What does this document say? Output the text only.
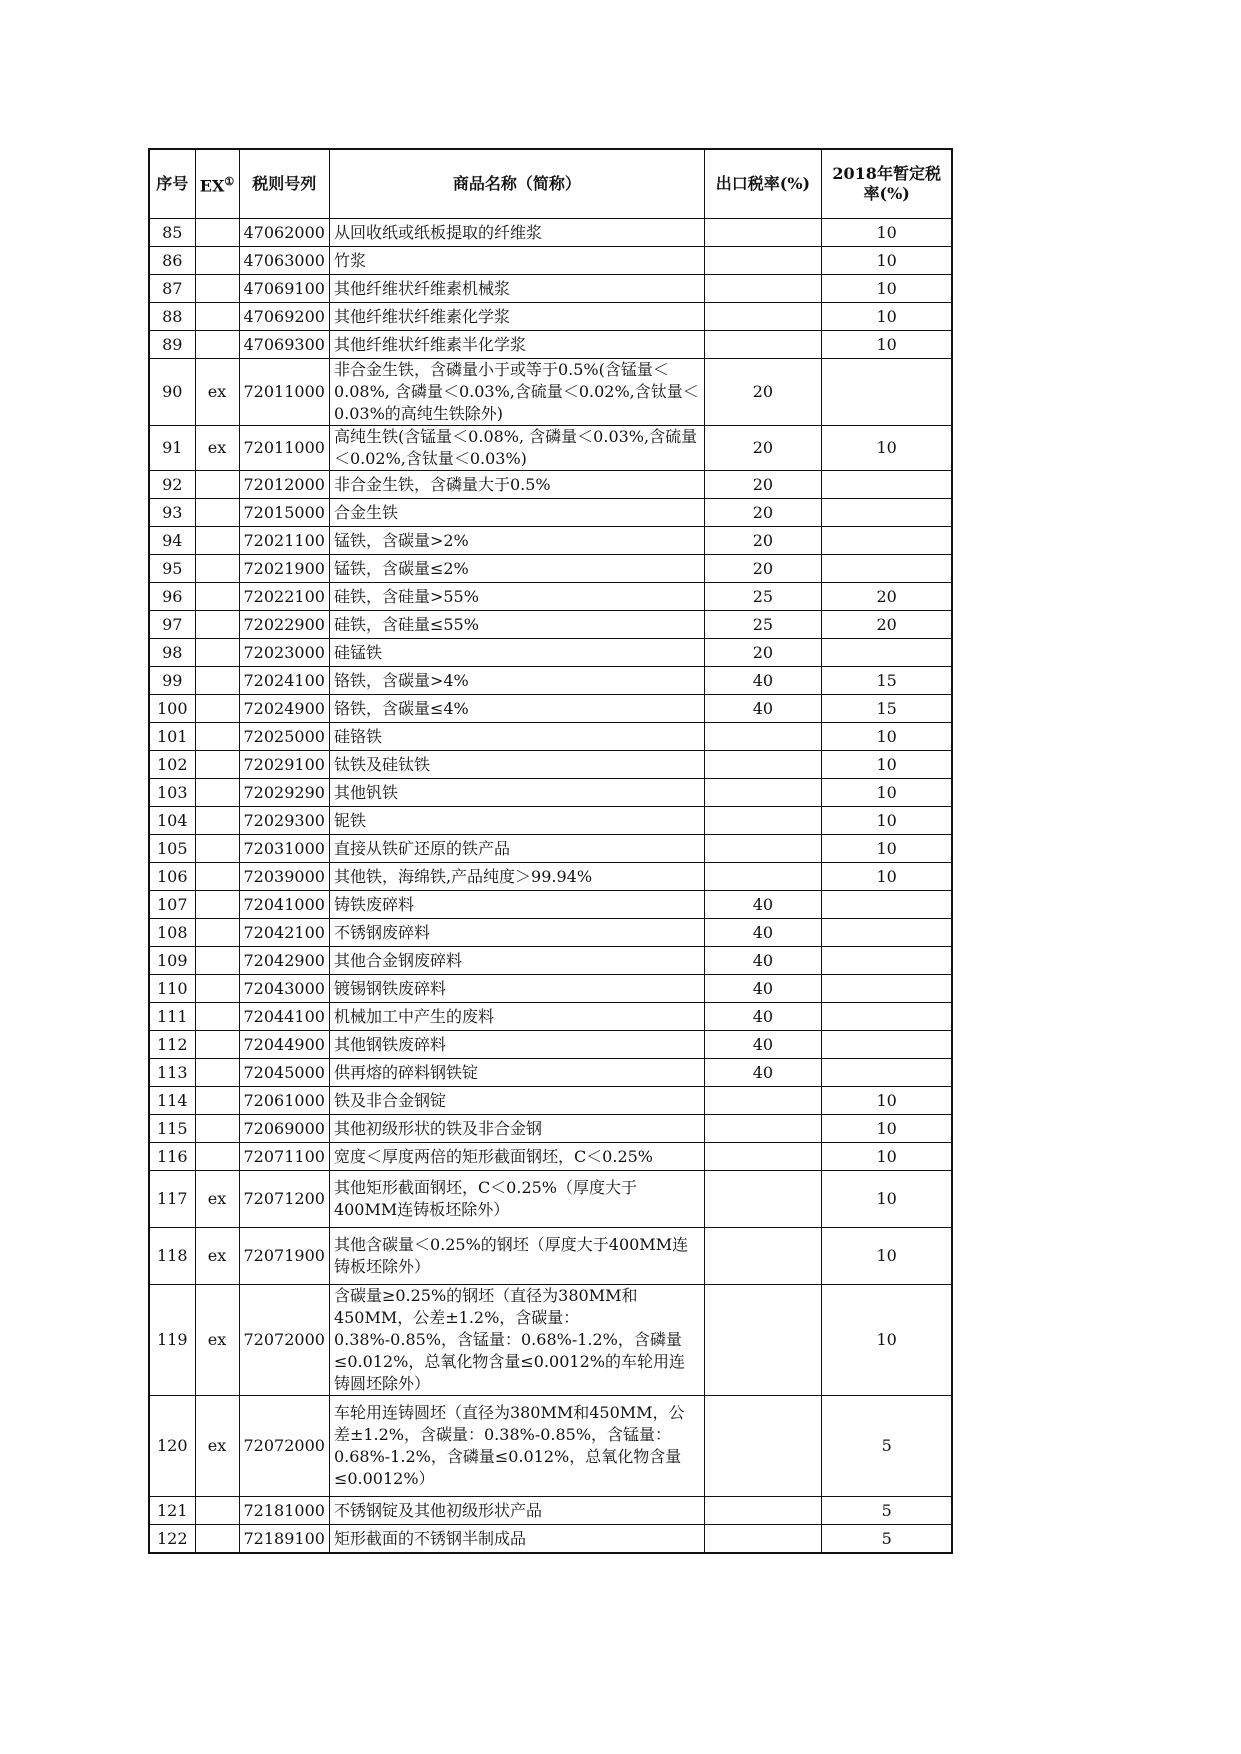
序号	EX①	税则号列	商品名称（简称）	出口税率(%)	2018年暂定税率(%)
85		47062000	从回收纸或纸板提取的纤维浆		10
86		47063000	竹浆		10
87		47069100	其他纤维状纤维素机械浆		10
88		47069200	其他纤维状纤维素化学浆		10
89		47069300	其他纤维状纤维素半化学浆		10
90	ex	72011000	非合金生铁，含磷量小于或等于0.5%(含锰量＜0.08%, 含磷量＜0.03%,含硫量＜0.02%,含钛量＜0.03%的高纯生铁除外)	20	
91	ex	72011000	高纯生铁(含锰量＜0.08%, 含磷量＜0.03%,含硫量＜0.02%,含钛量＜0.03%)	20	10
92		72012000	非合金生铁，含磷量大于0.5%	20	
93		72015000	合金生铁	20	
94		72021100	锰铁，含碳量>2%	20	
95		72021900	锰铁，含碳量≤2%	20	
96		72022100	硅铁，含硅量>55%	25	20
97		72022900	硅铁，含硅量≤55%	25	20
98		72023000	硅锰铁	20	
99		72024100	铬铁，含碳量>4%	40	15
100		72024900	铬铁，含碳量≤4%	40	15
101		72025000	硅铬铁		10
102		72029100	钛铁及硅钛铁		10
103		72029290	其他钒铁		10
104		72029300	铌铁		10
105		72031000	直接从铁矿还原的铁产品		10
106		72039000	其他铁，海绵铁,产品纯度＞99.94%		10
107		72041000	铸铁废碎料	40	
108		72042100	不锈钢废碎料	40	
109		72042900	其他合金钢废碎料	40	
110		72043000	镀锡钢铁废碎料	40	
111		72044100	机械加工中产生的废料	40	
112		72044900	其他钢铁废碎料	40	
113		72045000	供再熔的碎料钢铁锭	40	
114		72061000	铁及非合金钢锭		10
115		72069000	其他初级形状的铁及非合金钢		10
116		72071100	宽度＜厚度两倍的矩形截面钢坯，C＜0.25%		10
117	ex	72071200	其他矩形截面钢坯，C＜0.25%（厚度大于400MM连铸板坯除外）		10
118	ex	72071900	其他含碳量＜0.25%的钢坯（厚度大于400MM连铸板坯除外）		10
119	ex	72072000	含碳量≥0.25%的钢坯（直径为380MM和450MM，公差±1.2%，含碳量：0.38%-0.85%，含锰量：0.68%-1.2%，含磷量≤0.012%，总氧化物含量≤0.0012%的车轮用连铸圆坯除外）		10
120	ex	72072000	车轮用连铸圆坯（直径为380MM和450MM，公差±1.2%，含碳量：0.38%-0.85%，含锰量：0.68%-1.2%，含磷量≤0.012%，总氧化物含量≤0.0012%）		5
121		72181000	不锈钢锭及其他初级形状产品		5
122		72189100	矩形截面的不锈钢半制成品		5
